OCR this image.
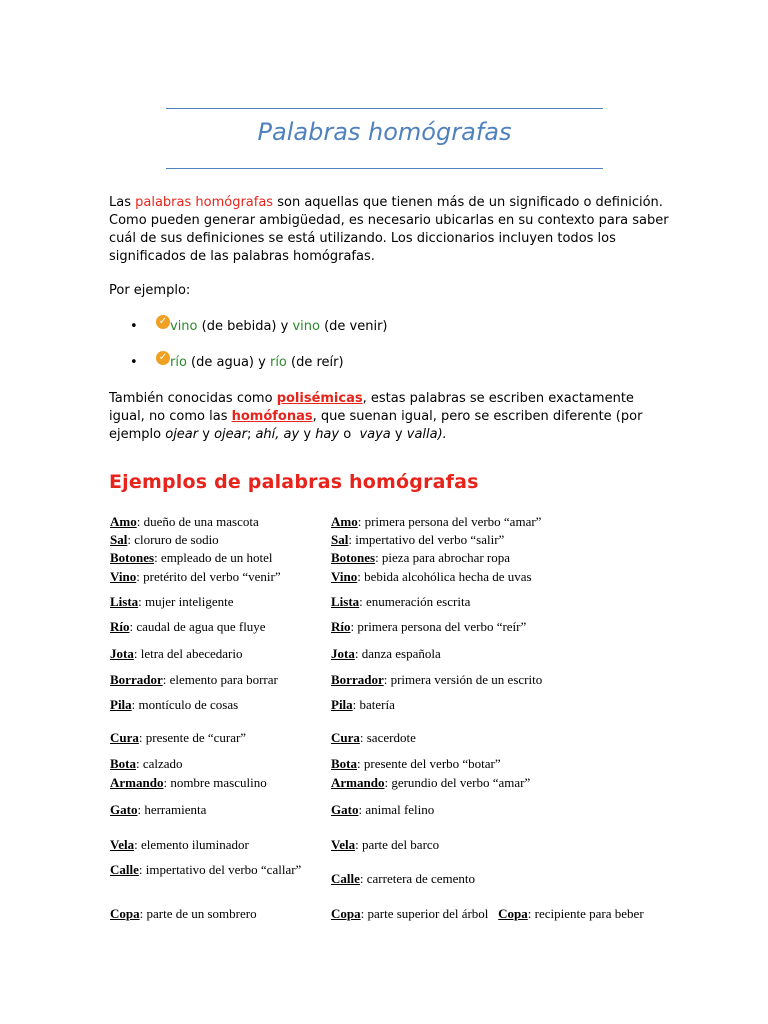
Palabras homógrafas
Las palabras homógrafas son aquellas que tienen más de un significado o definición. Como pueden generar ambigüedad, es necesario ubicarlas en su contexto para saber cuál de sus definiciones se está utilizando. Los diccionarios incluyen todos los significados de las palabras homógrafas.
Por ejemplo:
• ✓ vino (de bebida) y vino (de venir)
• ✓ río (de agua) y río (de reír)
También conocidas como polisémicas, estas palabras se escriben exactamente igual, no como las homófonas, que suenan igual, pero se escriben diferente (por ejemplo ojear y ojear; ahí, ay y hay o  vaya y valla).
Ejemplos de palabras homógrafas
Amo: dueño de una mascota
Sal: cloruro de sodio
Botones: empleado de un hotel
Vino: pretérito del verbo “venir”
Lista: mujer inteligente
Río: caudal de agua que fluye
Jota: letra del abecedario
Borrador: elemento para borrar
Pila: montículo de cosas
Cura: presente de “curar”
Bota: calzado
Armando: nombre masculino
Gato: herramienta
Vela: elemento iluminador
Calle: impertativo del verbo “callar”
Copa: parte de un sombrero
Amo: primera persona del verbo “amar”
Sal: impertativo del verbo “salir”
Botones: pieza para abrochar ropa
Vino: bebida alcohólica hecha de uvas
Lista: enumeración escrita
Río: primera persona del verbo “reír”
Jota: danza española
Borrador: primera versión de un escrito
Pila: batería
Cura: sacerdote
Bota: presente del verbo “botar”
Armando: gerundio del verbo “amar”
Gato: animal felino
Vela: parte del barco
Calle: carretera de cemento
Copa: parte superior del árbol Copa: recipiente para beber
